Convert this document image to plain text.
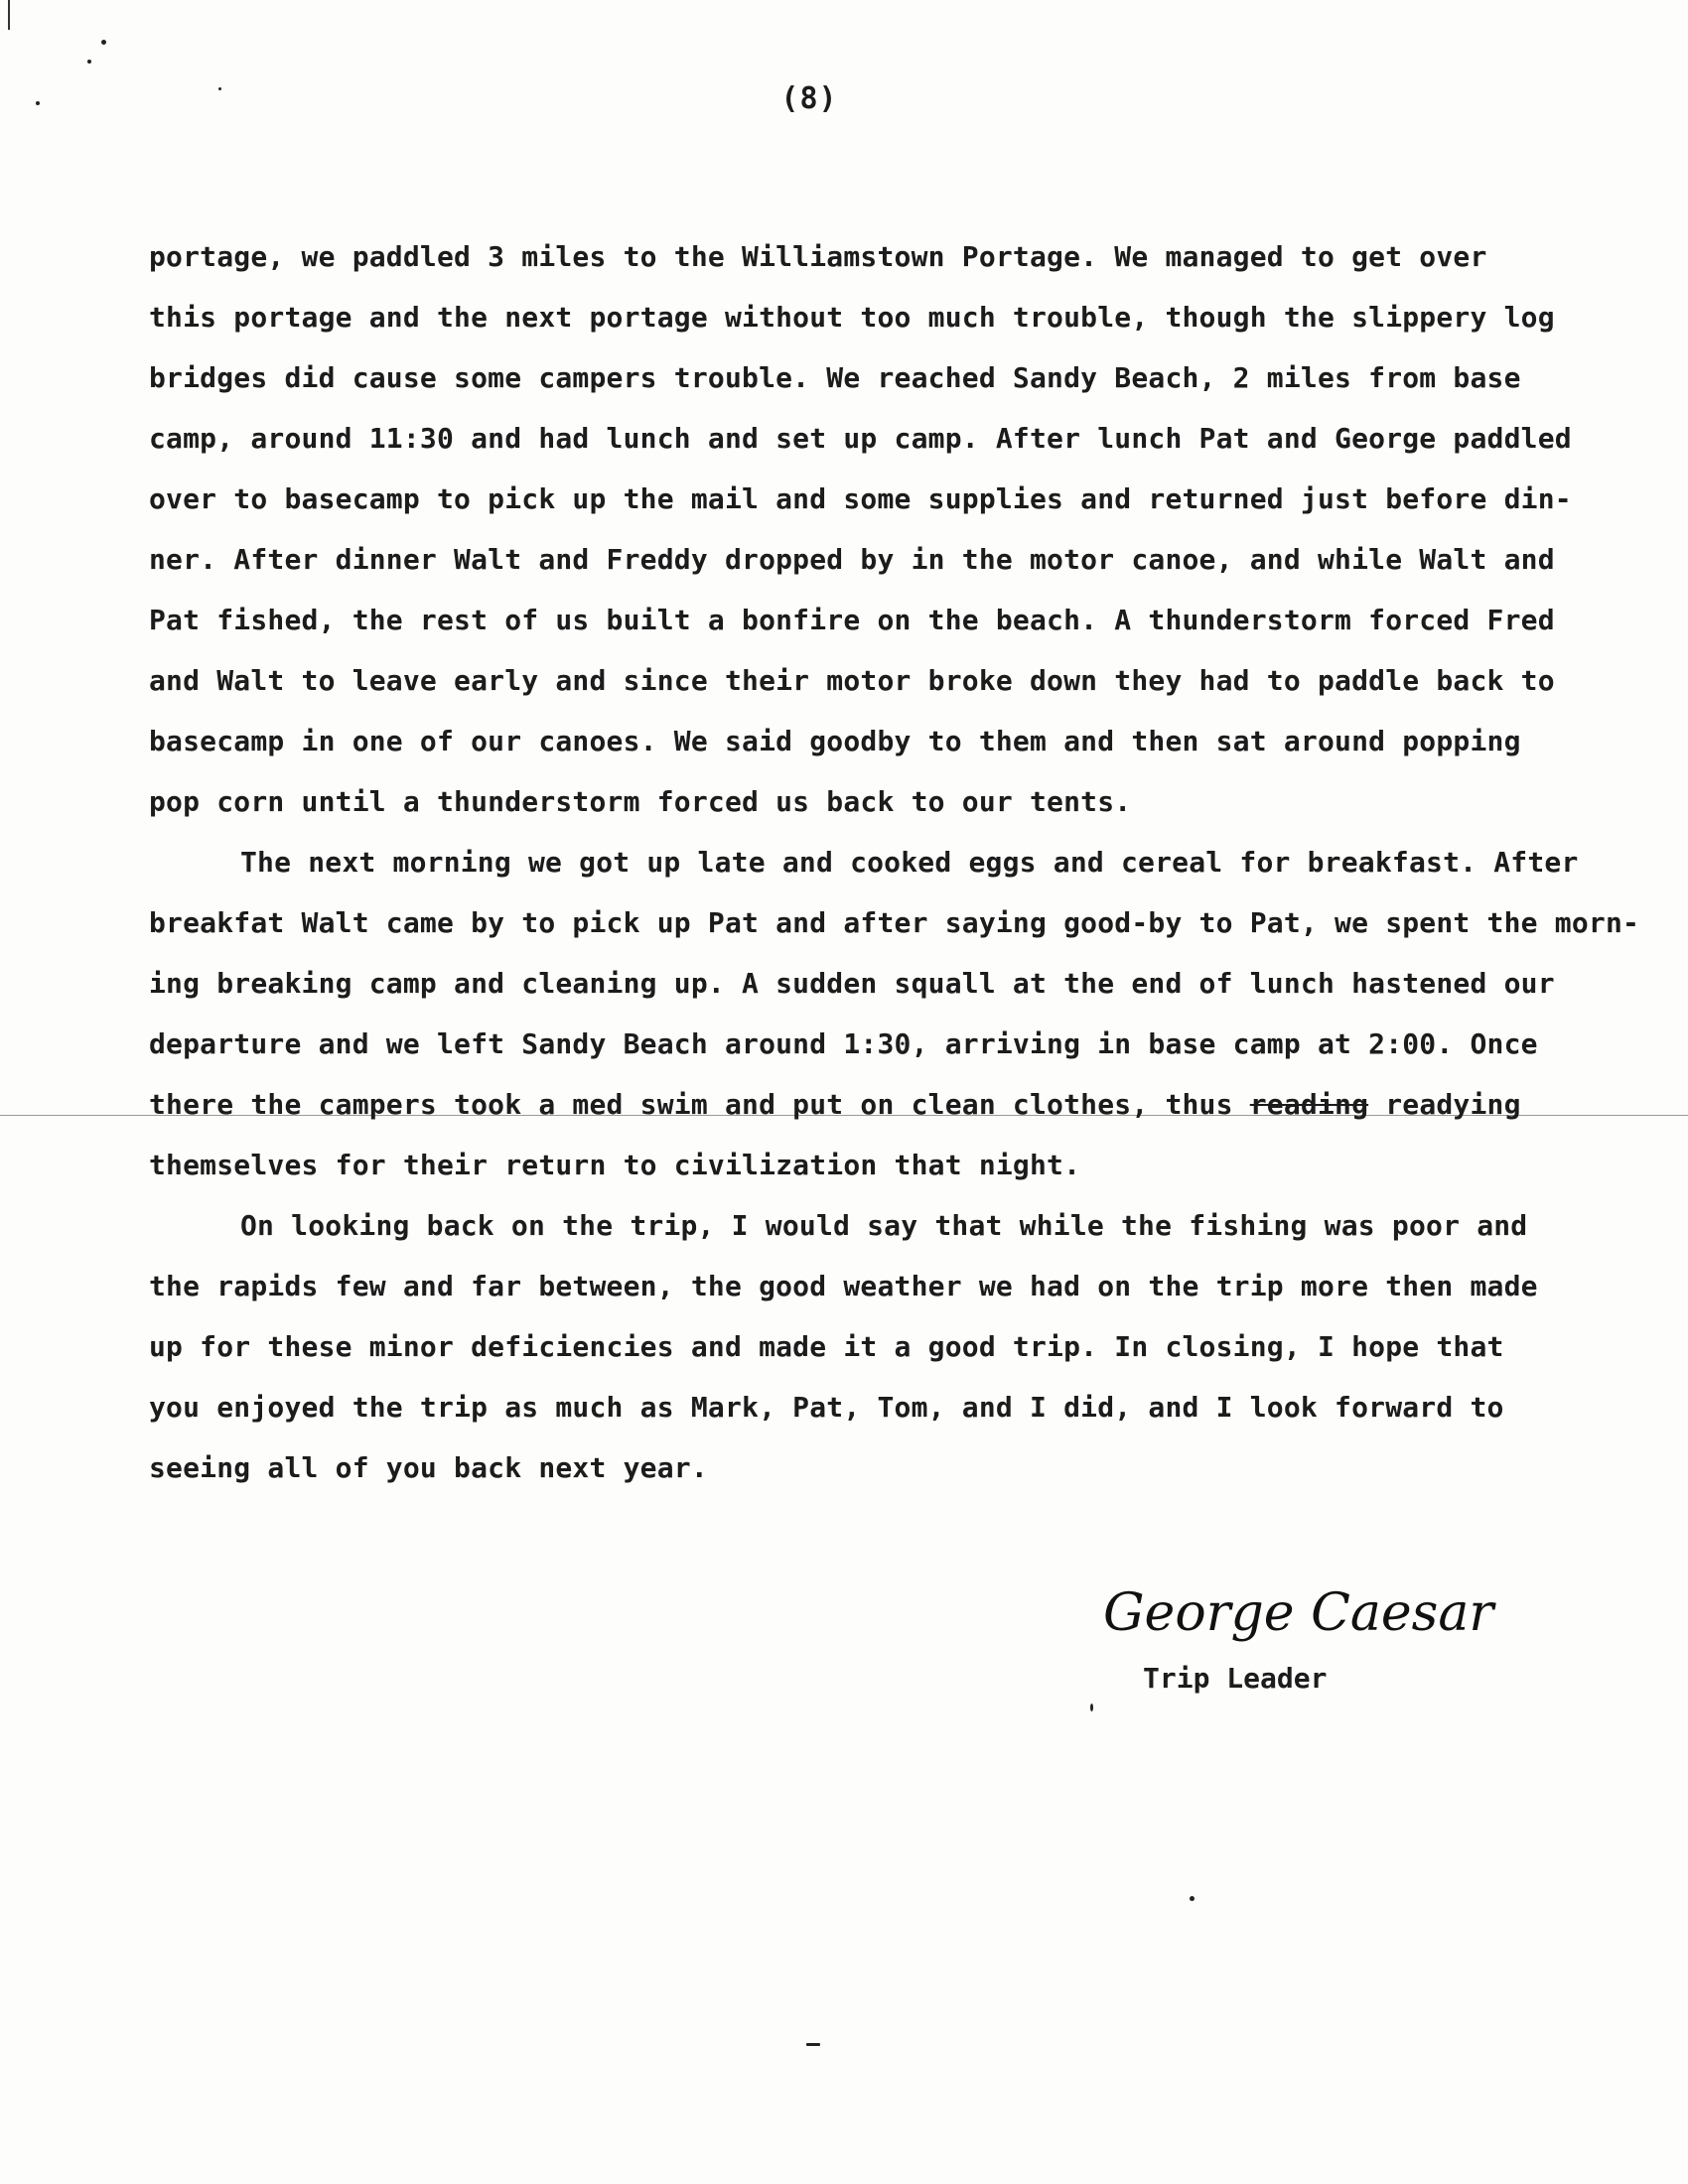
(8)
portage, we paddled 3 miles to the Williamstown Portage. We managed to get over
this portage and the next portage without too much trouble, though the slippery log
bridges did cause some campers trouble. We reached Sandy Beach, 2 miles from base
camp, around 11:30 and had lunch and set up camp. After lunch Pat and George paddled
over to basecamp to pick up the mail and some supplies and returned just before din-
ner. After dinner Walt and Freddy dropped by in the motor canoe, and while Walt and
Pat fished, the rest of us built a bonfire on the beach. A thunderstorm forced Fred
and Walt to leave early and since their motor broke down they had to paddle back to
basecamp in one of our canoes. We said goodby to them and then sat around popping
pop corn until a thunderstorm forced us back to our tents.
The next morning we got up late and cooked eggs and cereal for breakfast. After
breakfat Walt came by to pick up Pat and after saying good-by to Pat, we spent the morn-
ing breaking camp and cleaning up. A sudden squall at the end of lunch hastened our
departure and we left Sandy Beach around 1:30, arriving in base camp at 2:00. Once
there the campers took a med swim and put on clean clothes, thus reading readying
themselves for their return to civilization that night.
On looking back on the trip, I would say that while the fishing was poor and
the rapids few and far between, the good weather we had on the trip more then made
up for these minor deficiencies and made it a good trip. In closing, I hope that
you enjoyed the trip as much as Mark, Pat, Tom, and I did, and I look forward to
seeing all of you back next year.
George Caesar
Trip Leader
